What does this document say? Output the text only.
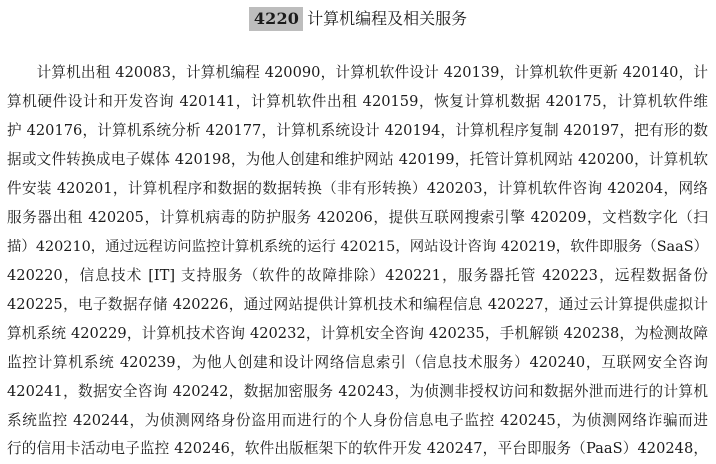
4220 计算机编程及相关服务
　　计算机出租 420083，计算机编程 420090，计算机软件设计 420139，计算机软件更新 420140，计
算机硬件设计和开发咨询 420141，计算机软件出租 420159，恢复计算机数据 420175，计算机软件维
护 420176，计算机系统分析 420177，计算机系统设计 420194，计算机程序复制 420197，把有形的数
据或文件转换成电子媒体 420198，为他人创建和维护网站 420199，托管计算机网站 420200，计算机软
件安装 420201，计算机程序和数据的数据转换（非有形转换）420203，计算机软件咨询 420204，网络
服务器出租 420205，计算机病毒的防护服务 420206，提供互联网搜索引擎 420209，文档数字化（扫
描）420210，通过远程访问监控计算机系统的运行 420215，网站设计咨询 420219，软件即服务（SaaS）
420220，信息技术 [IT] 支持服务（软件的故障排除）420221，服务器托管 420223，远程数据备份
420225，电子数据存储 420226，通过网站提供计算机技术和编程信息 420227，通过云计算提供虚拟计
算机系统 420229，计算机技术咨询 420232，计算机安全咨询 420235，手机解锁 420238，为检测故障
监控计算机系统 420239，为他人创建和设计网络信息索引（信息技术服务）420240，互联网安全咨询
420241，数据安全咨询 420242，数据加密服务 420243，为侦测非授权访问和数据外泄而进行的计算机
系统监控 420244，为侦测网络身份盗用而进行的个人身份信息电子监控 420245，为侦测网络诈骗而进
行的信用卡活动电子监控 420246，软件出版框架下的软件开发 420247，平台即服务（PaaS）420248，
